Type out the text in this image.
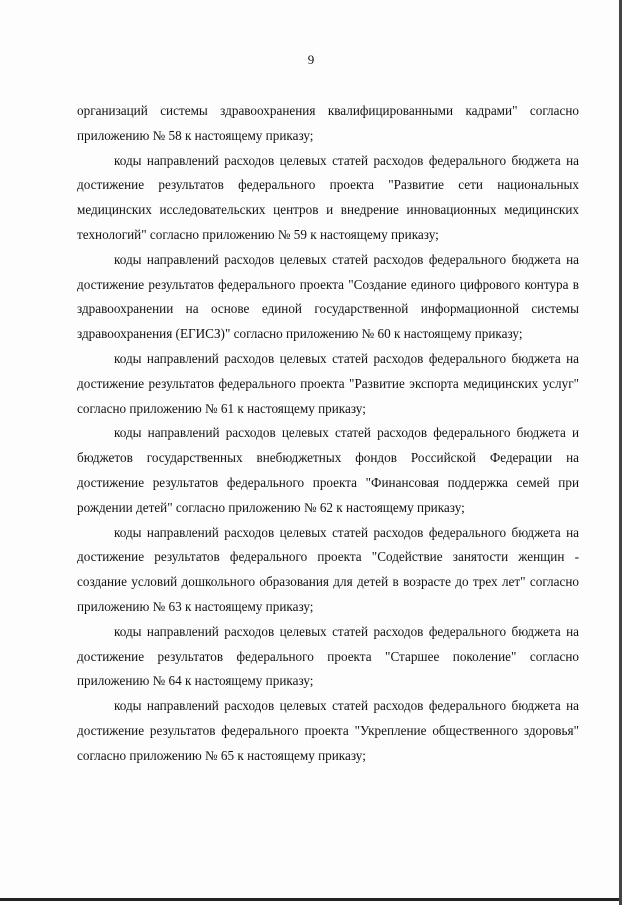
9

организаций системы здравоохранения квалифицированными кадрами" согласно приложению № 58 к настоящему приказу;

коды направлений расходов целевых статей расходов федерального бюджета на достижение результатов федерального проекта "Развитие сети национальных медицинских исследовательских центров и внедрение инновационных медицинских технологий" согласно приложению № 59 к настоящему приказу;

коды направлений расходов целевых статей расходов федерального бюджета на достижение результатов федерального проекта "Создание единого цифрового контура в здравоохранении на основе единой государственной информационной системы здравоохранения (ЕГИСЗ)" согласно приложению № 60 к настоящему приказу;

коды направлений расходов целевых статей расходов федерального бюджета на достижение результатов федерального проекта "Развитие экспорта медицинских услуг" согласно приложению № 61 к настоящему приказу;

коды направлений расходов целевых статей расходов федерального бюджета и бюджетов государственных внебюджетных фондов Российской Федерации на достижение результатов федерального проекта "Финансовая поддержка семей при рождении детей" согласно приложению № 62 к настоящему приказу;

коды направлений расходов целевых статей расходов федерального бюджета на достижение результатов федерального проекта "Содействие занятости женщин - создание условий дошкольного образования для детей в возрасте до трех лет" согласно приложению № 63 к настоящему приказу;

коды направлений расходов целевых статей расходов федерального бюджета на достижение результатов федерального проекта "Старшее поколение" согласно приложению № 64 к настоящему приказу;

коды направлений расходов целевых статей расходов федерального бюджета на достижение результатов федерального проекта "Укрепление общественного здоровья" согласно приложению № 65 к настоящему приказу;
